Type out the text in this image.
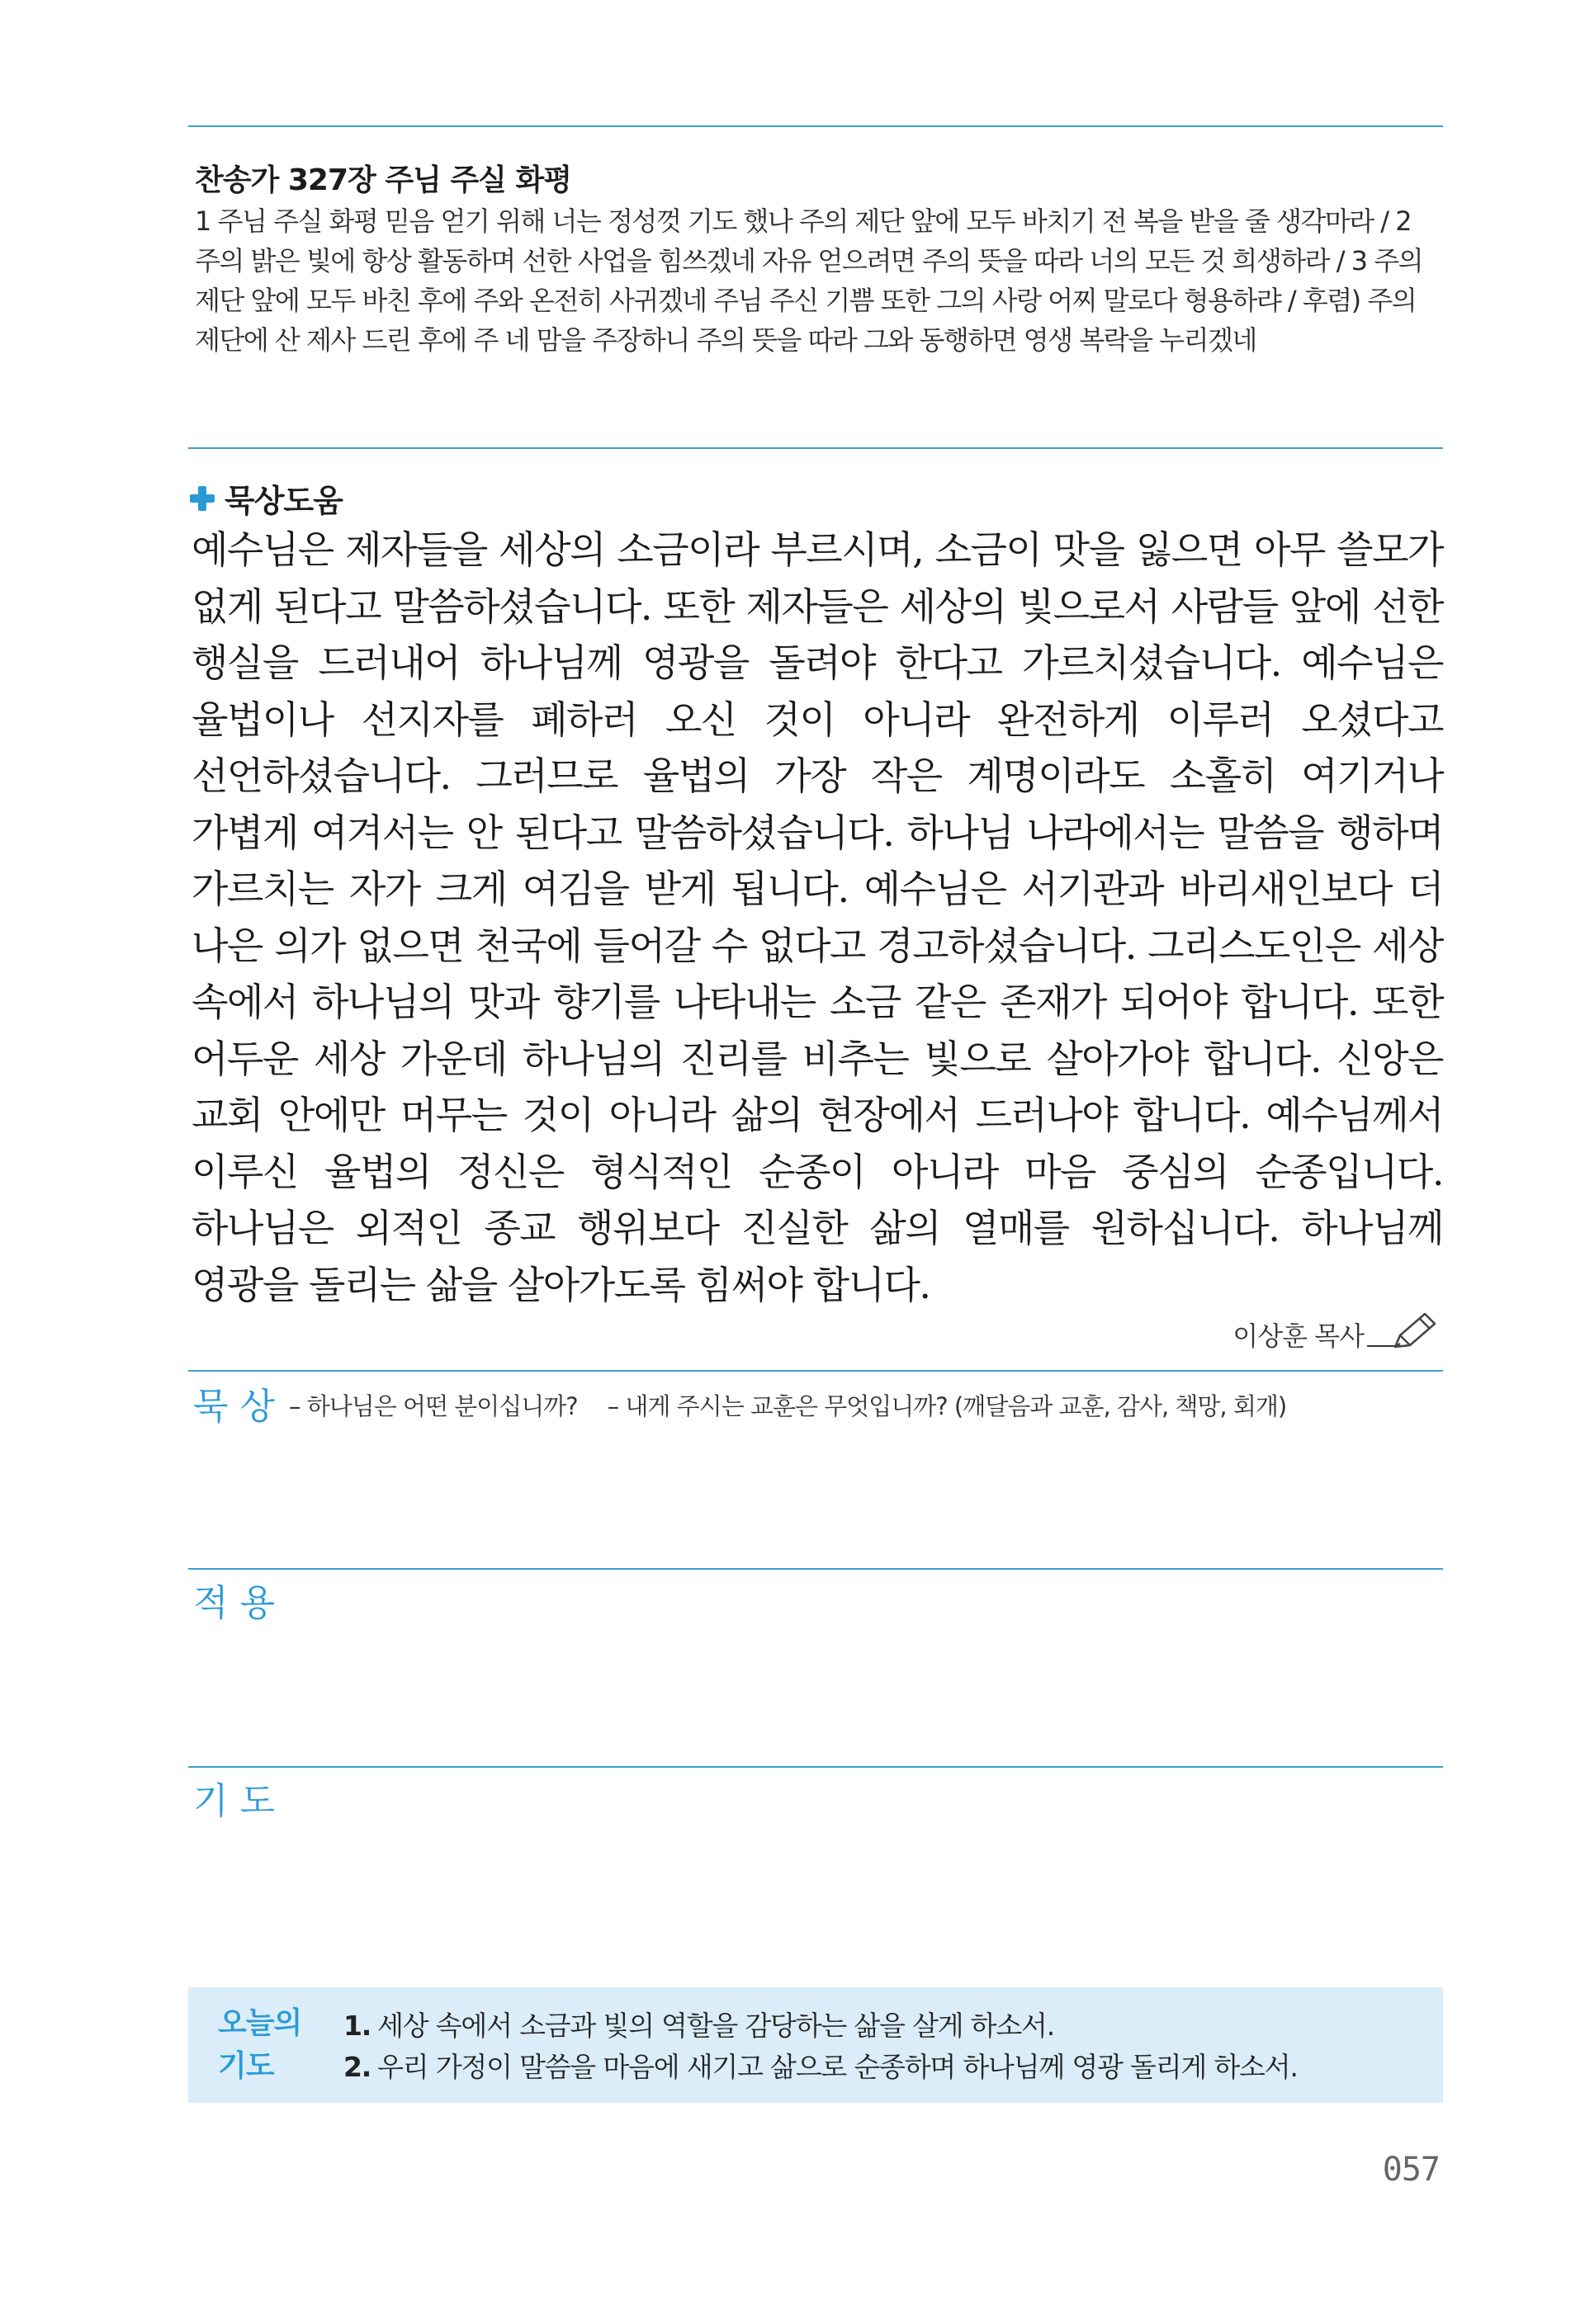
찬송가 327장 주님 주실 화평
1 주님 주실 화평 믿음 얻기 위해 너는 정성껏 기도 했나 주의 제단 앞에 모두 바치기 전 복을 받을 줄 생각마라 / 2 주의 밝은 빛에 항상 활동하며 선한 사업을 힘쓰겠네 자유 얻으려면 주의 뜻을 따라 너의 모든 것 희생하라 / 3 주의 제단 앞에 모두 바친 후에 주와 온전히 사귀겠네 주님 주신 기쁨 또한 그의 사랑 어찌 말로다 형용하랴 / 후렴) 주의 제단에 산 제사 드린 후에 주 네 맘을 주장하니 주의 뜻을 따라 그와 동행하면 영생 복락을 누리겠네
묵상도움
예수님은 제자들을 세상의 소금이라 부르시며, 소금이 맛을 잃으면 아무 쓸모가 없게 된다고 말씀하셨습니다. 또한 제자들은 세상의 빛으로서 사람들 앞에 선한 행실을 드러내어 하나님께 영광을 돌려야 한다고 가르치셨습니다. 예수님은 율법이나 선지자를 폐하러 오신 것이 아니라 완전하게 이루러 오셨다고 선언하셨습니다. 그러므로 율법의 가장 작은 계명이라도 소홀히 여기거나 가볍게 여겨서는 안 된다고 말씀하셨습니다. 하나님 나라에서는 말씀을 행하며 가르치는 자가 크게 여김을 받게 됩니다. 예수님은 서기관과 바리새인보다 더 나은 의가 없으면 천국에 들어갈 수 없다고 경고하셨습니다. 그리스도인은 세상 속에서 하나님의 맛과 향기를 나타내는 소금 같은 존재가 되어야 합니다. 또한 어두운 세상 가운데 하나님의 진리를 비추는 빛으로 살아가야 합니다. 신앙은 교회 안에만 머무는 것이 아니라 삶의 현장에서 드러나야 합니다. 예수님께서 이루신 율법의 정신은 형식적인 순종이 아니라 마음 중심의 순종입니다. 하나님은 외적인 종교 행위보다 진실한 삶의 열매를 원하십니다. 하나님께 영광을 돌리는 삶을 살아가도록 힘써야 합니다.
이상훈 목사
묵상 – 하나님은 어떤 분이십니까? – 내게 주시는 교훈은 무엇입니까? (깨달음과 교훈, 감사, 책망, 회개)
적용
기도
오늘의 기도
1. 세상 속에서 소금과 빛의 역할을 감당하는 삶을 살게 하소서.
2. 우리 가정이 말씀을 마음에 새기고 삶으로 순종하며 하나님께 영광 돌리게 하소서.
057
